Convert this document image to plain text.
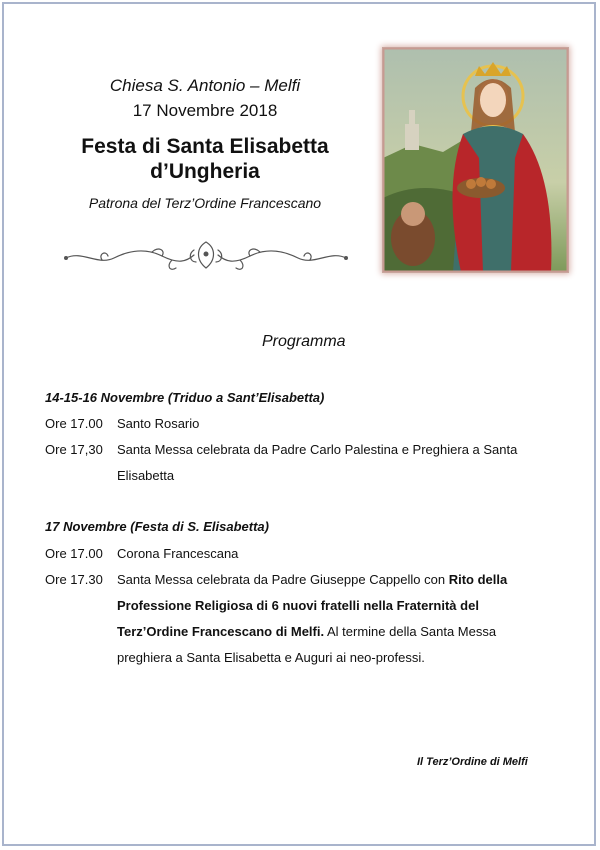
Chiesa S. Antonio – Melfi

17 Novembre 2018

Festa di Santa Elisabetta
d’Ungheria

Patrona del Terz’Ordine Francescano

Programma
14-15-16 Novembre (Triduo a Sant’Elisabetta)
Ore 17.00	Santo Rosario
Ore 17,30	Santa Messa celebrata da Padre Carlo Palestina e Preghiera a Santa
Elisabetta
17 Novembre (Festa di S. Elisabetta)
Ore 17.00	Corona Francescana
Ore 17.30	Santa Messa celebrata da Padre Giuseppe Cappello con Rito della
Professione Religiosa di 6 nuovi fratelli nella Fraternità del
Terz’Ordine Francescano di Melfi. Al termine della Santa Messa
preghiera a Santa Elisabetta e Auguri ai neo-professi.
Il Terz’Ordine di Melfi
